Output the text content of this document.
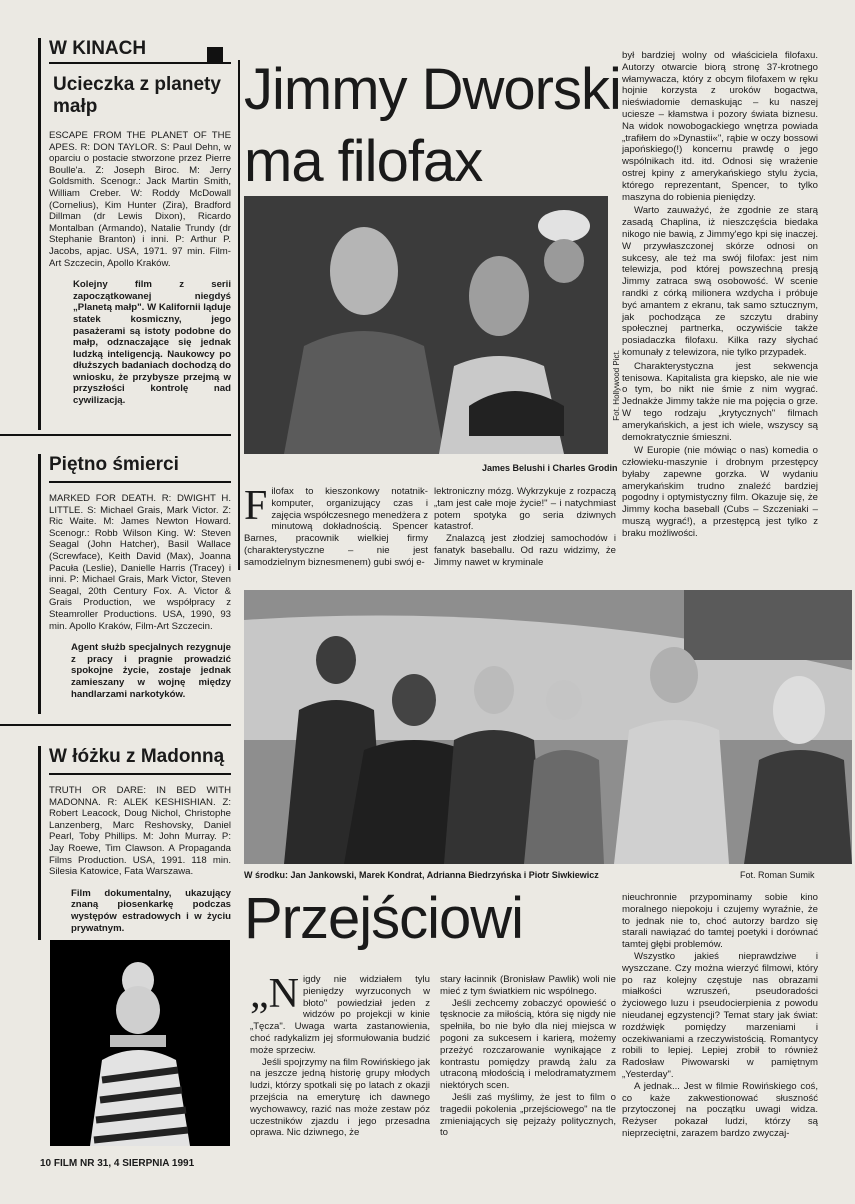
W KINACH
Ucieczka z planety małp
ESCAPE FROM THE PLANET OF THE APES. R: DON TAYLOR. S: Paul Dehn, w oparciu o postacie stworzone przez Pierre Boulle'a. Z: Joseph Biroc. M: Jerry Goldsmith. Scenogr.: Jack Martin Smith, William Creber. W: Roddy McDowall (Cornelius), Kim Hunter (Zira), Bradford Dillman (dr Lewis Dixon), Ricardo Montalban (Armando), Natalie Trundy (dr Stephanie Branton) i inni. P: Arthur P. Jacobs, apjac. USA, 1971. 97 min. Film-Art Szczecin, Apollo Kraków.
Kolejny film z serii zapoczątkowanej niegdyś „Planetą małp". W Kalifornii ląduje statek kosmiczny, jego pasażerami są istoty podobne do małp, odznaczające się jednak ludzką inteligencją. Naukowcy po dłuższych badaniach dochodzą do wniosku, że przybysze przejmą w przyszłości kontrolę nad cywilizacją.
Piętno śmierci
MARKED FOR DEATH. R: DWIGHT H. LITTLE. S: Michael Grais, Mark Victor. Z: Ric Waite. M: James Newton Howard. Scenogr.: Robb Wilson King. W: Steven Seagal (John Hatcher), Basil Wallace (Screwface), Keith David (Max), Joanna Pacuła (Leslie), Danielle Harris (Tracey) i inni. P: Michael Grais, Mark Victor, Steven Seagal, 20th Century Fox. A. Victor & Grais Production, we współpracy z Steamroller Productions. USA, 1990, 93 min. Apollo Kraków, Film-Art Szczecin.
Agent służb specjalnych rezygnuje z pracy i pragnie prowadzić spokojne życie, zostaje jednak zamieszany w wojnę między handlarzami narkotyków.
W łóżku z Madonną
TRUTH OR DARE: IN BED WITH MADONNA. R: ALEK KESHISHIAN. Z: Robert Leacock, Doug Nichol, Christophe Lanzenberg, Marc Reshovsky, Daniel Pearl, Toby Phillips. M: John Murray. P: Jay Roewe, Tim Clawson. A Propaganda Films Production. USA, 1991. 118 min. Silesia Katowice, Fata Warszawa.
Film dokumentalny, ukazujący znaną piosenkarkę podczas występów estradowych i w życiu prywatnym.
Jimmy Dworski
ma filofax
Fot. Hollywood Pict.
James Belushi i Charles Grodin

był bardziej wolny od właściciela filofaxu. Autorzy otwarcie biorą stronę 37-krotnego włamywacza, który z obcym filofaxem w ręku hojnie korzysta z uroków bogactwa, nieświadomie demaskując – ku naszej uciesze – kłamstwa i pozory świata biznesu. Na widok nowobogackiego wnętrza powiada „trafiłem do »Dynastii«", rąbie w oczy bossowi japońskiego(!) koncernu prawdę o jego wspólnikach itd. itd. Odnosi się wrażenie ostrej kpiny z amerykańskiego stylu życia, którego reprezentant, Spencer, to tylko maszyna do robienia pieniędzy.

Warto zauważyć, że zgodnie ze starą zasadą Chaplina, iż nieszczęścia biedaka nikogo nie bawią, z Jimmy'ego kpi się inaczej. W przywłaszczonej skórze odnosi on sukcesy, ale też ma swój filofax: jest nim telewizja, pod której powszechną presją Jimmy zatraca swą osobowość. W scenie randki z córką milionera wzdycha i próbuje być amantem z ekranu, tak samo sztucznym, jak pochodząca ze szczytu drabiny społecznej partnerka, oczywiście także posiadaczka filofaxu. Kilka razy słychać komunały z telewizora, nie tylko przypadek.

Charakterystyczna jest sekwencja tenisowa. Kapitalista gra kiepsko, ale nie wie o tym, bo nikt nie śmie z nim wygrać. Jednakże Jimmy także nie ma pojęcia o grze. W tego rodzaju „krytycznych" filmach amerykańskich, a jest ich wiele, wszyscy są demokratycznie śmieszni.

W Europie (nie mówiąc o nas) komedia o człowieku-maszynie i drobnym przestępcy byłaby zapewne gorzka. W wydaniu amerykańskim trudno znaleźć bardziej pogodny i optymistyczny film. Okazuje się, że Jimmy kocha baseball (Cubs – Szczeniaki – muszą wygrać!), a przestępcą jest tylko z braku możliwości.

F ilofax to kieszonkowy notatnik-komputer, organizujący czas i zajęcia współczesnego menedżera z minutową dokładnością. Spencer Barnes, pracownik wielkiej firmy (charakterystyczne – nie jest samodzielnym biznesmenem) gubi swój e-

lektroniczny mózg. Wykrzykuje z rozpaczą „tam jest całe moje życie!" – i natychmiast potem spotyka go seria dziwnych katastrof.

Znalazcą jest złodziej samochodów i fanatyk baseballu. Od razu widzimy, że Jimmy nawet w kryminale

W środku: Jan Jankowski, Marek Kondrat, Adrianna Biedrzyńska i Piotr Siwkiewicz	Fot. Roman Sumik
Przejściowi

„N igdy nie widziałem tylu pieniędzy wyrzuconych w błoto" powiedział jeden z widzów po projekcji w kinie „Tęcza". Uwaga warta zastanowienia, choć radykalizm jej sformułowania budzić może sprzeciw.

Jeśli spojrzymy na film Rowińskiego jak na jeszcze jedną historię grupy młodych ludzi, którzy spotkali się po latach z okazji przejścia na emeryturę ich dawnego wychowawcy, razić nas może zestaw póz uczestników zjazdu i jego przesadna oprawa. Nic dziwnego, że

stary łacinnik (Bronisław Pawlik) woli nie mieć z tym światkiem nic wspólnego.

Jeśli zechcemy zobaczyć opowieść o tęsknocie za miłością, która się nigdy nie spełniła, bo nie było dla niej miejsca w pogoni za sukcesem i karierą, możemy przeżyć rozczarowanie wynikające z kontrastu pomiędzy prawdą żalu za utraconą młodością i melodramatyzmem niektórych scen.

Jeśli zaś myślimy, że jest to film o tragedii pokolenia „przejściowego" na tle zmieniających się pejzaży politycznych, to

nieuchronnie przypominamy sobie kino moralnego niepokoju i czujemy wyraźnie, że to jednak nie to, choć autorzy bardzo się starali nawiązać do tamtej poetyki i dorównać tamtej głębi problemów.

Wszystko jakieś nieprawdziwe i wyszczane. Czy można wierzyć filmowi, który po raz kolejny częstuje nas obrazami miałkości wzruszeń, pseudoradości życiowego luzu i pseudocierpienia z powodu nieudanej egzystencji? Temat stary jak świat: rozdźwięk pomiędzy marzeniami i oczekiwaniami a rzeczywistością. Romantycy robili to lepiej. Lepiej zrobił to również Radosław Piwowarski w pamiętnym „Yesterday".

A jednak... Jest w filmie Rowińskiego coś, co każe zakwestionować słuszność przytoczonej na początku uwagi widza. Reżyser pokazał ludzi, którzy są nieprzeciętni, zarazem bardzo zwyczaj-

10 FILM NR 31, 4 SIERPNIA 1991
